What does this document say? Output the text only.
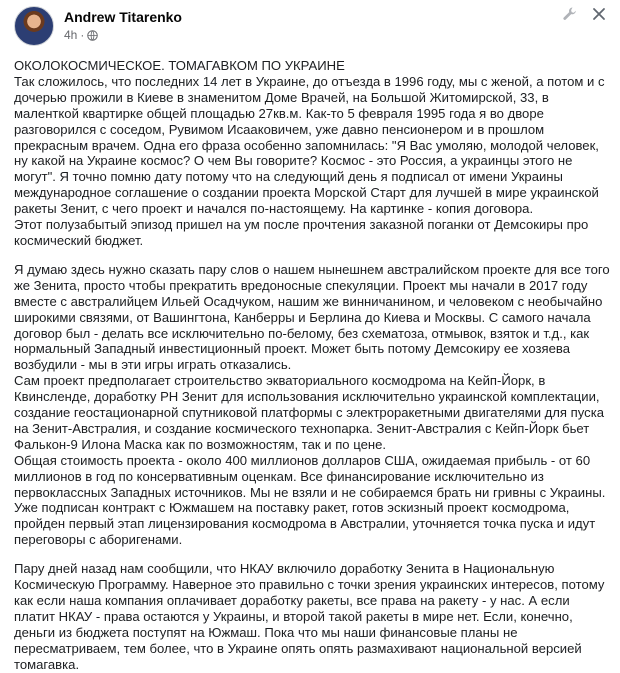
Andrew Titarenko
4h ·

ОКОЛОКОСМИЧЕСКОЕ. ТОМАГАВКОМ ПО УКРАИНЕ

Так сложилось, что последних 14 лет в Украине, до отъезда в 1996 году, мы с женой, а потом и с дочерью прожили в Киеве в знаменитом Доме Врачей, на Большой Житомирской, 33, в маленткой квартирке общей площадью 27кв.м. Как-то 5 февраля 1995 года я во дворе разговорился с соседом, Рувимом Исааковичем, уже давно пенсионером и в прошлом прекрасным врачем. Одна его фраза особенно запомнилась: "Я Вас умоляю, молодой человек, ну какой на Украине космос? О чем Вы говорите? Космос - это Россия, а украинцы этого не могут". Я точно помню дату потому что на следующий день я подписал от имени Украины международное соглашение о создании проекта Морской Старт для лучшей в мире украинской ракеты Зенит, с чего проект и начался по-настоящему. На картинке - копия договора.

Этот полузабытый эпизод пришел на ум после прочтения заказной поганки от Демсокиры про космический бюджет.

Я думаю здесь нужно сказать пару слов о нашем нынешнем австралийском проекте для все того же Зенита, просто чтобы прекратить вредоносные спекуляции. Проект мы начали в 2017 году вместе с австралийцем Ильей Осадчуком, нашим же винничанином, и человеком с необычайно широкими связями, от Вашингтона, Канберры и Берлина до Киева и Москвы. С самого начала договор был - делать все исключительно по-белому, без схематоза, отмывок, взяток и т.д., как нормальный Западный инвестиционный проект. Может быть потому Демсокиру ее хозяева возбудили - мы в эти игры играть отказались.

Сам проект предполагает строительство экваториального космодрома на Кейп-Йорк, в Квинсленде, доработку РН Зенит для использования исключительно украинской комплектации, создание геостационарной спутниковой платформы с электроракетными двигателями для пуска на Зенит-Австралия, и создание космического технопарка. Зенит-Австралия с Кейп-Йорк бьет Фалькон-9 Илона Маска как по возможностям, так и по цене.

Общая стоимость проекта - около 400 миллионов долларов США, ожидаемая прибыль - от 60 миллионов в год по консервативным оценкам. Все финансирование исключительно из первоклассных Западных источников. Мы не взяли и не собираемся брать ни гривны с Украины. Уже подписан контракт с Южмашем на поставку ракет, готов эскизный проект космодрома, пройден первый этап лицензирования космодрома в Австралии, уточняется точка пуска и идут переговоры с аборигенами.

Пару дней назад нам сообщили, что НКАУ включило доработку Зенита в Национальную Космическую Программу. Наверное это правильно с точки зрения украинских интересов, потому как если наша компания оплачивает доработку ракеты, все права на ракету - у нас. А если платит НКАУ - права остаются у Украины, и второй такой ракеты в мире нет. Если, конечно, деньги из бюджета поступят на Южмаш. Пока что мы наши финансовые планы не пересматриваем, тем более, что в Украине опять опять размахивают национальной версией томагавка.
